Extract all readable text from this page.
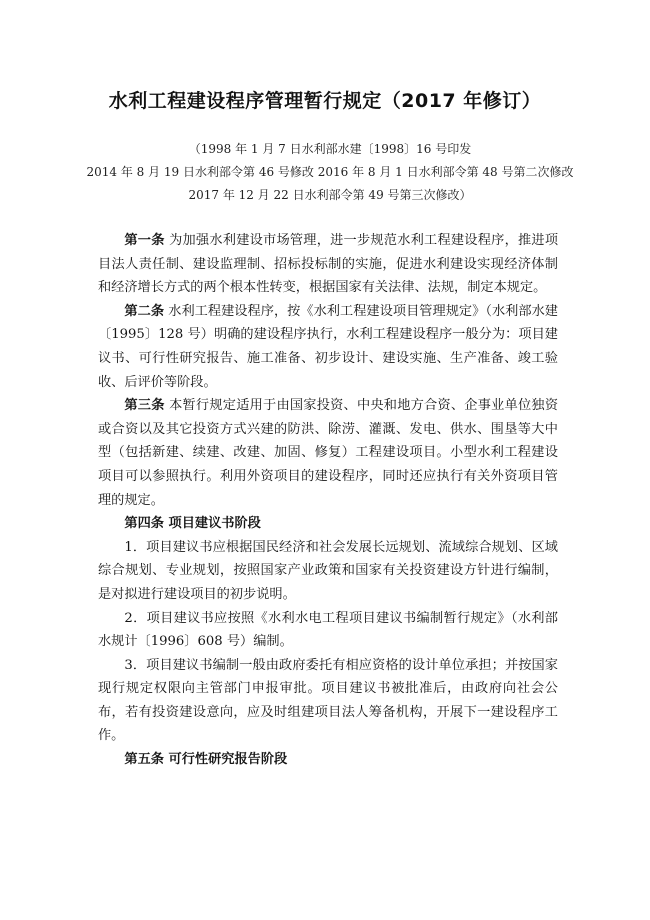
水利工程建设程序管理暂行规定（2017 年修订）
（1998 年 1 月 7 日水利部水建〔1998〕16 号印发
2014 年 8 月 19 日水利部令第 46 号修改 2016 年 8 月 1 日水利部令第 48 号第二次修改
2017 年 12 月 22 日水利部令第 49 号第三次修改）

第一条 为加强水利建设市场管理，进一步规范水利工程建设程序，推进项目法人责任制、建设监理制、招标投标制的实施，促进水利建设实现经济体制和经济增长方式的两个根本性转变，根据国家有关法律、法规，制定本规定。

第二条 水利工程建设程序，按《水利工程建设项目管理规定》（水利部水建〔1995〕128 号）明确的建设程序执行，水利工程建设程序一般分为：项目建议书、可行性研究报告、施工准备、初步设计、建设实施、生产准备、竣工验收、后评价等阶段。

第三条 本暂行规定适用于由国家投资、中央和地方合资、企事业单位独资或合资以及其它投资方式兴建的防洪、除涝、灌溉、发电、供水、围垦等大中型（包括新建、续建、改建、加固、修复）工程建设项目。小型水利工程建设项目可以参照执行。利用外资项目的建设程序，同时还应执行有关外资项目管理的规定。

第四条 项目建议书阶段

1．项目建议书应根据国民经济和社会发展长远规划、流域综合规划、区域综合规划、专业规划，按照国家产业政策和国家有关投资建设方针进行编制，是对拟进行建设项目的初步说明。

2．项目建议书应按照《水利水电工程项目建议书编制暂行规定》（水利部水规计〔1996〕608 号）编制。

3．项目建议书编制一般由政府委托有相应资格的设计单位承担；并按国家现行规定权限向主管部门申报审批。项目建议书被批准后，由政府向社会公布，若有投资建设意向，应及时组建项目法人筹备机构，开展下一建设程序工作。

第五条 可行性研究报告阶段
